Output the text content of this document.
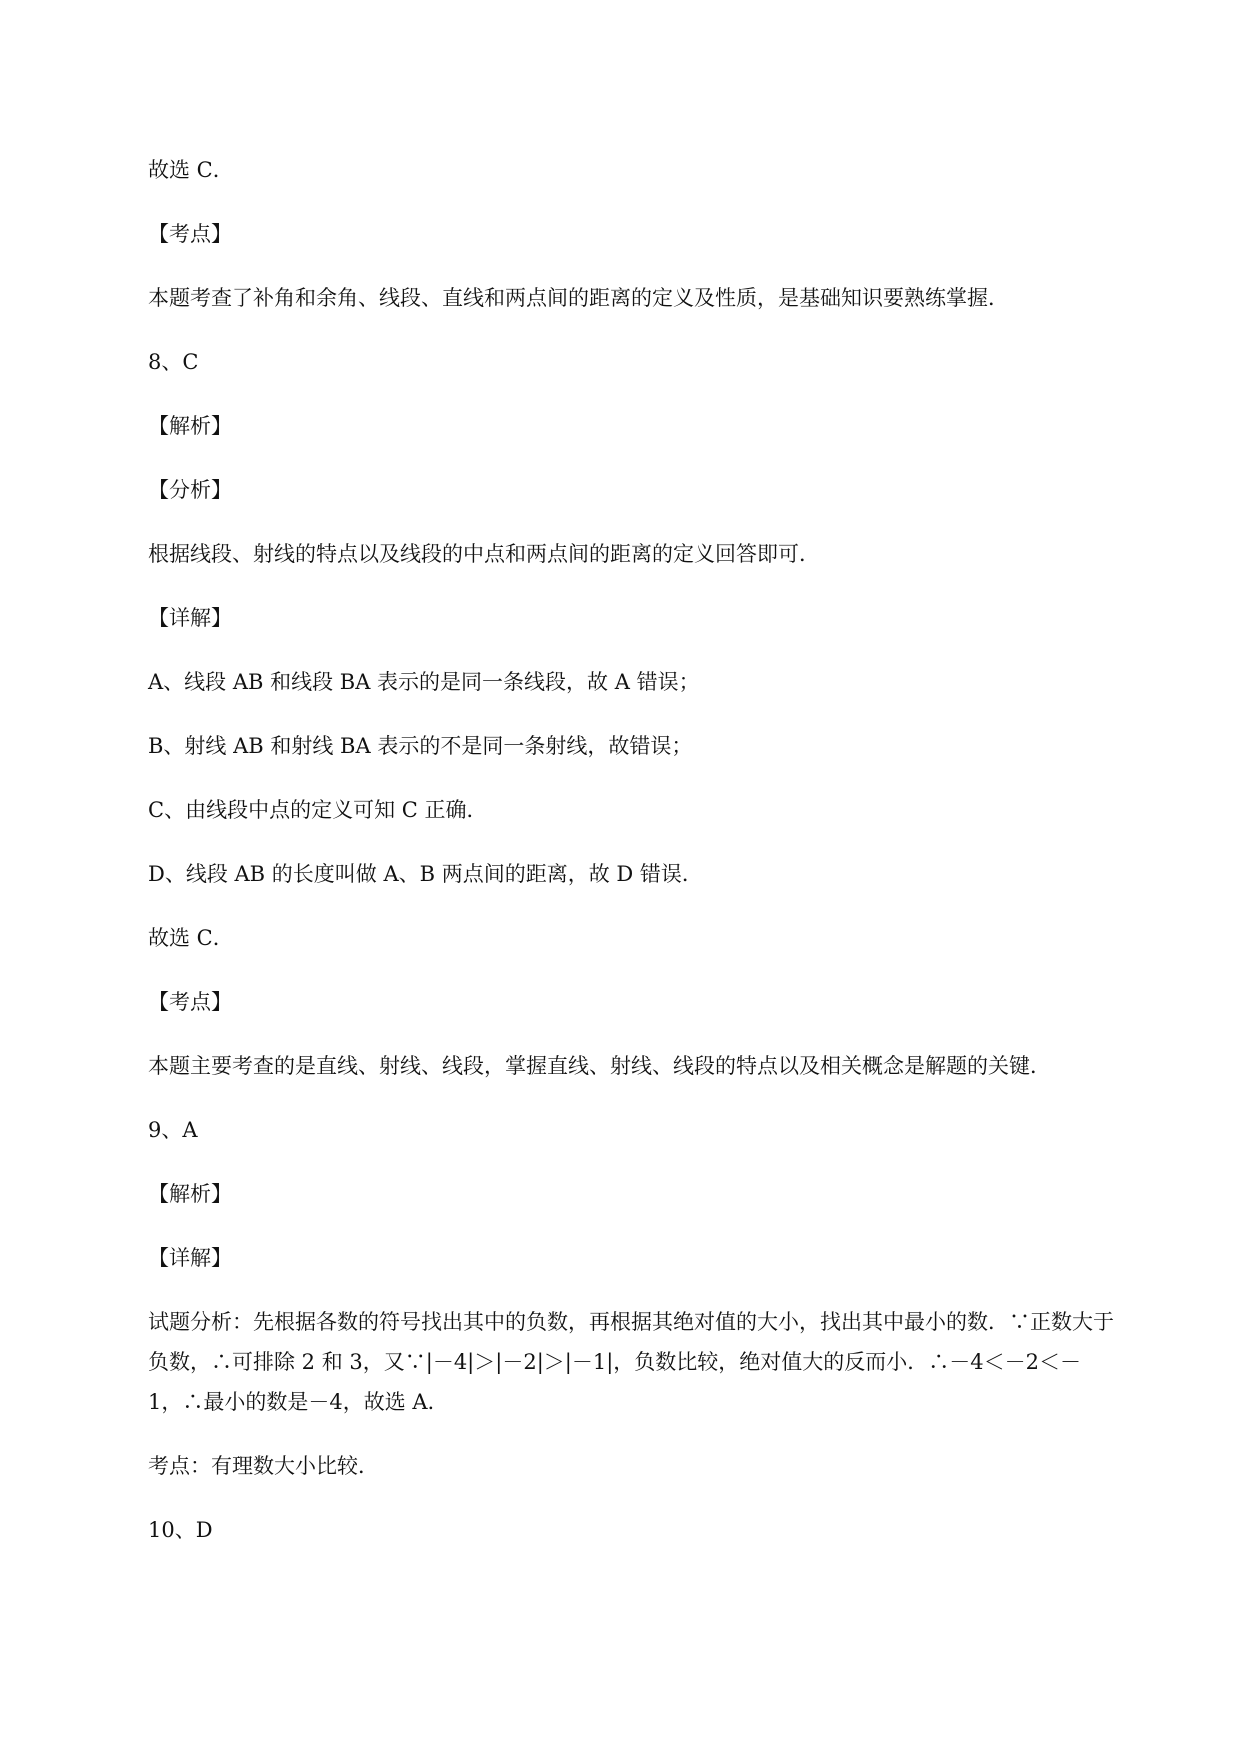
故选 C．
【考点】
本题考查了补角和余角、线段、直线和两点间的距离的定义及性质，是基础知识要熟练掌握．
8、C
【解析】
【分析】
根据线段、射线的特点以及线段的中点和两点间的距离的定义回答即可．
【详解】
A、线段 AB 和线段 BA 表示的是同一条线段，故 A 错误；
B、射线 AB 和射线 BA 表示的不是同一条射线，故错误；
C、由线段中点的定义可知 C 正确．
D、线段 AB 的长度叫做 A、B 两点间的距离，故 D 错误．
故选 C．
【考点】
本题主要考查的是直线、射线、线段，掌握直线、射线、线段的特点以及相关概念是解题的关键．
9、A
【解析】
【详解】
试题分析：先根据各数的符号找出其中的负数，再根据其绝对值的大小，找出其中最小的数．∵正数大于
负数，∴可排除 2 和 3，又∵|－4|＞|－2|＞|－1|，负数比较，绝对值大的反而小．∴－4＜－2＜－
1，∴最小的数是－4，故选 A.
考点：有理数大小比较．
10、D
